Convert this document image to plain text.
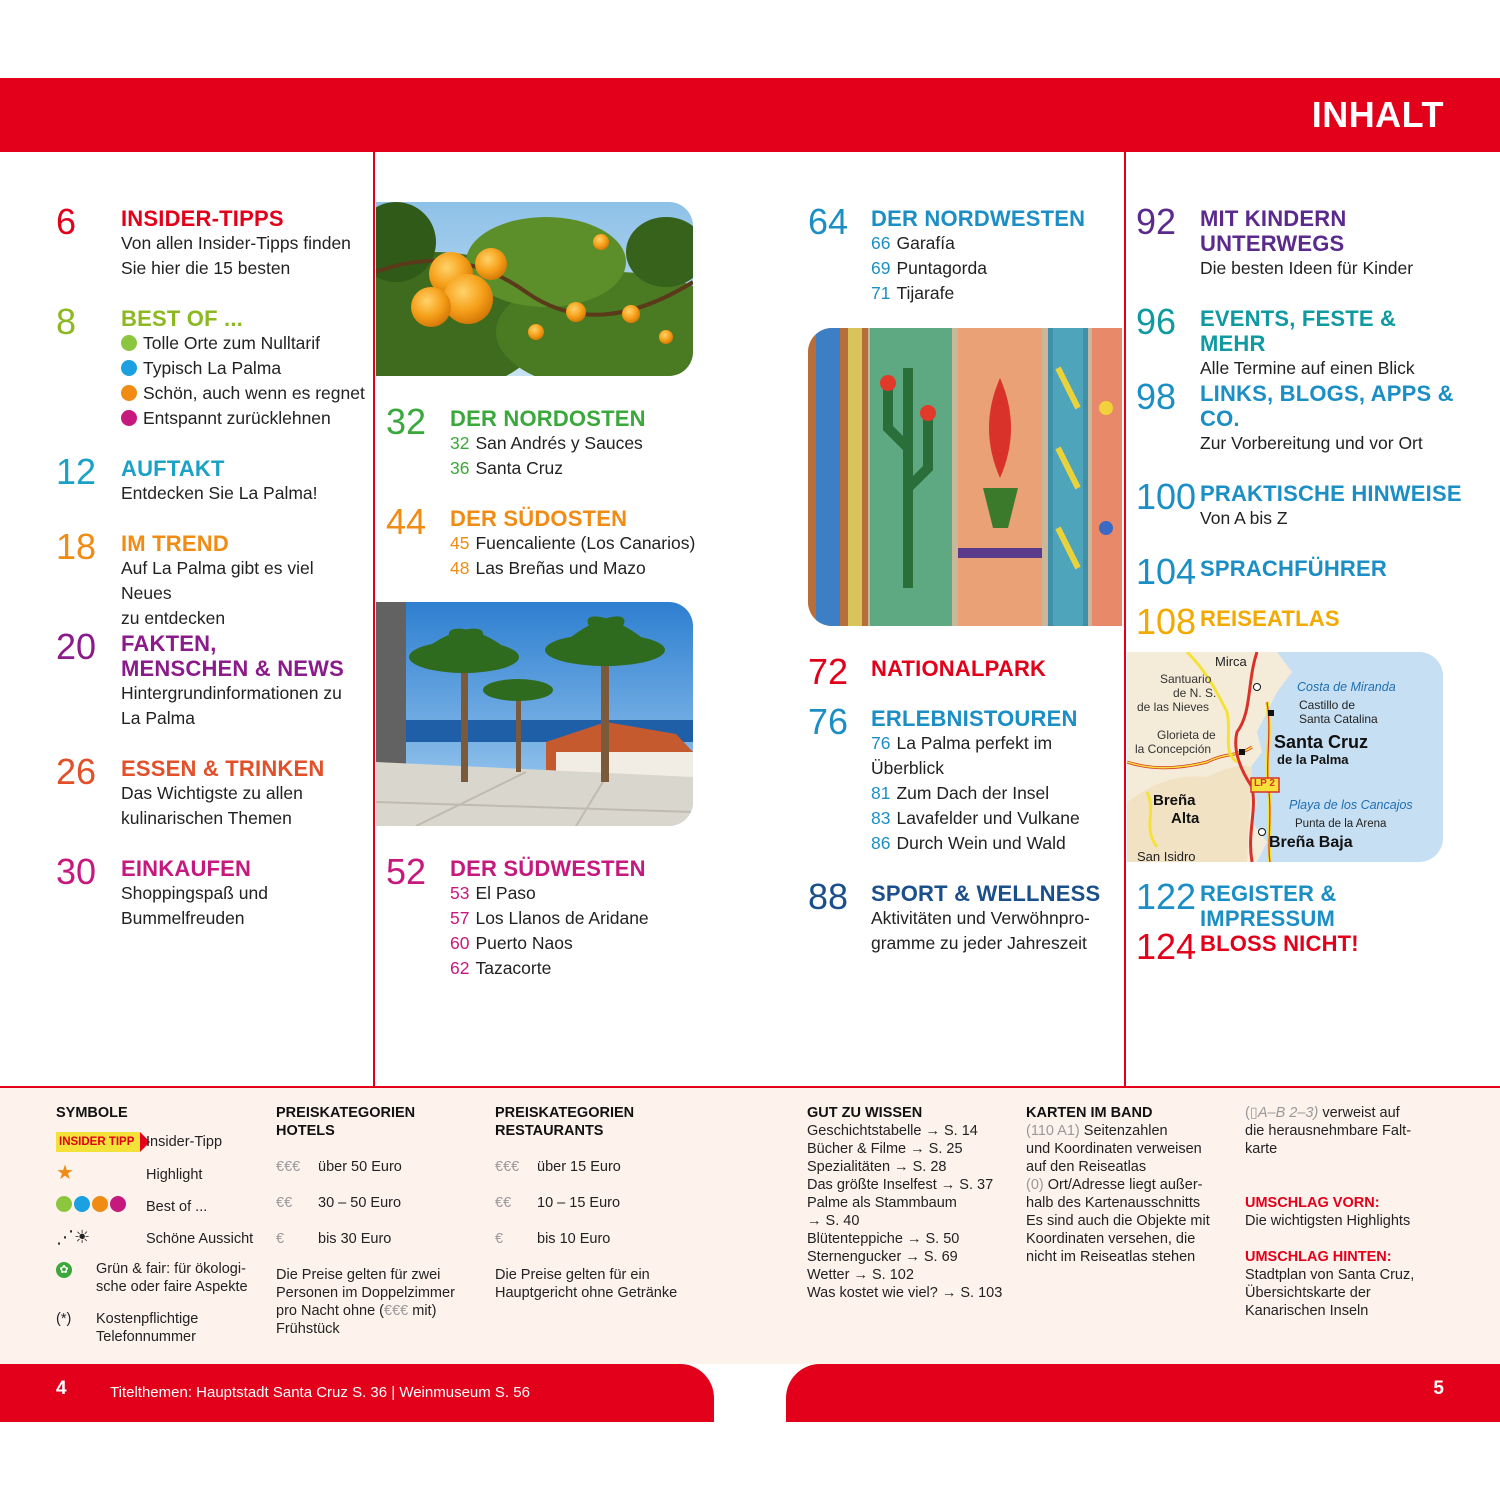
INHALT
6 INSIDER-TIPPS
Von allen Insider-Tipps finden
Sie hier die 15 besten
8 BEST OF ...
Tolle Orte zum Nulltarif
Typisch La Palma
Schön, auch wenn es regnet
Entspannt zurücklehnen
12 AUFTAKT
Entdecken Sie La Palma!
18 IM TREND
Auf La Palma gibt es viel Neues
zu entdecken
20 FAKTEN,
MENSCHEN & NEWS
Hintergrundinformationen zu
La Palma
26 ESSEN & TRINKEN
Das Wichtigste zu allen
kulinarischen Themen
30 EINKAUFEN
Shoppingspaß und
Bummelfreuden
32 DER NORDOSTEN
32 San Andrés y Sauces
36 Santa Cruz
44 DER SÜDOSTEN
45 Fuencaliente (Los Canarios)
48 Las Breñas und Mazo
52 DER SÜDWESTEN
53 El Paso
57 Los Llanos de Aridane
60 Puerto Naos
62 Tazacorte
64 DER NORDWESTEN
66 Garafía
69 Puntagorda
71 Tijarafe
72 NATIONALPARK
76 ERLEBNISTOUREN
76 La Palma perfekt im
Überblick
81 Zum Dach der Insel
83 Lavafelder und Vulkane
86 Durch Wein und Wald
88 SPORT & WELLNESS
Aktivitäten und Verwöhnpro-
gramme zu jeder Jahreszeit
92 MIT KINDERN
UNTERWEGS
Die besten Ideen für Kinder
96 EVENTS, FESTE & MEHR
Alle Termine auf einen Blick
98 LINKS, BLOGS, APPS &
CO.
Zur Vorbereitung und vor Ort
100 PRAKTISCHE HINWEISE
Von A bis Z
104 SPRACHFÜHRER
108 REISEATLAS
Mirca
Santuario
de N. S.
de las Nieves
Costa de Miranda
Castillo de
Santa Catalina
Glorieta de
la Concepción	Santa Cruz
de la Palma
LP 2
Breña
Alta
Playa de los Cancajos
Punta de la Arena
San Isidro
Breña Baja
122 REGISTER & IMPRESSUM
124 BLOSS NICHT!
SYMBOLE
INSIDER TIPP Insider-Tipp
★	Highlight
Best of ...
⋰☀	Schöne Aussicht
✿ Grün & fair: für ökologi-
sche oder faire Aspekte
(*) Kostenpflichtige
Telefonnummer
PREISKATEGORIEN
HOTELS
€€€ über 50 Euro
€€ 30 – 50 Euro
€ bis 30 Euro
Die Preise gelten für zwei
Personen im Doppelzimmer
pro Nacht ohne (€€€ mit)
Frühstück
PREISKATEGORIEN
RESTAURANTS
€€€ über 15 Euro
€€ 10 – 15 Euro
€ bis 10 Euro
Die Preise gelten für ein
Hauptgericht ohne Getränke
GUT ZU WISSEN
Geschichtstabelle → S. 14
Bücher & Filme → S. 25
Spezialitäten → S. 28
Das größte Inselfest → S. 37
Palme als Stammbaum
→ S. 40
Blütenteppiche → S. 50
Sternengucker → S. 69
Wetter → S. 102
Was kostet wie viel? → S. 103
KARTEN IM BAND
(110 A1) Seitenzahlen
und Koordinaten verweisen
auf den Reiseatlas
(0) Ort/Adresse liegt außer-
halb des Kartenausschnitts
Es sind auch die Objekte mit
Koordinaten versehen, die
nicht im Reiseatlas stehen
(▯A–B 2–3) verweist auf
die herausnehmbare Falt-
karte
UMSCHLAG VORN:
Die wichtigsten Highlights
UMSCHLAG HINTEN:
Stadtplan von Santa Cruz,
Übersichtskarte der
Kanarischen Inseln
4	Titelthemen: Hauptstadt Santa Cruz S. 36 | Weinmuseum S. 56	5
